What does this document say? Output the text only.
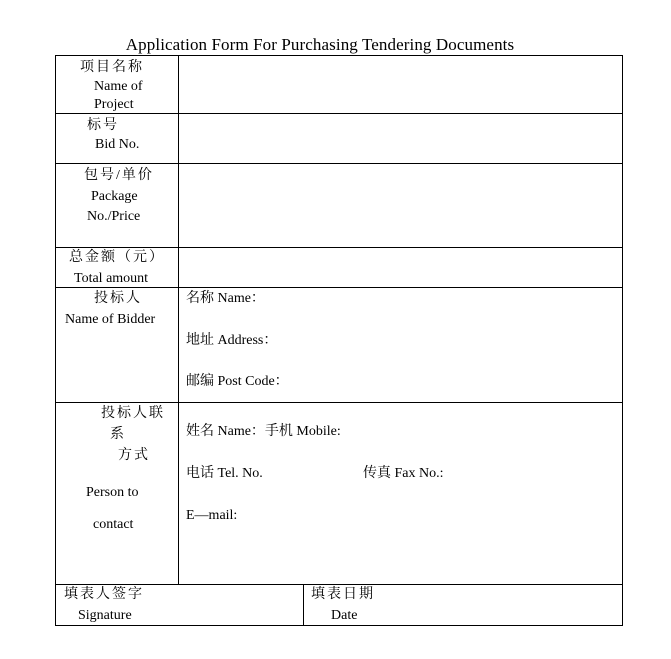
Application Form For Purchasing Tendering Documents
项目名称
Name of
Project
标号
Bid No.
包号/单价
Package
No./Price
总金额（元）
Total amount
投标人
Name of Bidder
名称 Name：
地址 Address：
邮编 Post Code：
投标人联
系
方式
Person to
contact
姓名 Name：手机 Mobile:
电话 Tel. No.	传真 Fax No.:
E—mail:
填表人签字
Signature
填表日期
Date
